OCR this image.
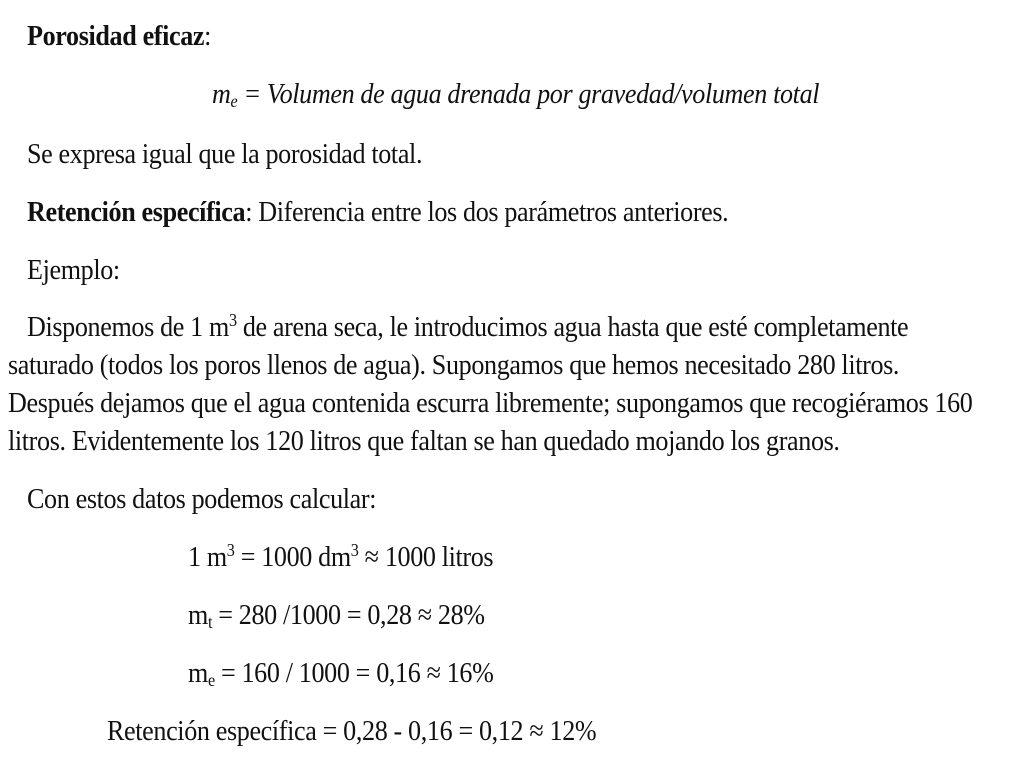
Porosidad eficaz:
$m_e$ = Volumen de agua drenada por gravedad/volumen total
Se expresa igual que la porosidad total.
Retención específica: Diferencia entre los dos parámetros anteriores.
Ejemplo:
Disponemos de 1 $m^3$ de arena seca, le introducimos agua hasta que esté completamente
saturado (todos los poros llenos de agua). Supongamos que hemos necesitado 280 litros.
Después dejamos que el agua contenida escurra libremente; supongamos que recogiéramos 160
litros. Evidentemente los 120 litros que faltan se han quedado mojando los granos.
Con estos datos podemos calcular:
1 $m^3 = 1000$ $dm^3 \approx 1000$ litros
$m_t = 280$ /1000 = 0,28 ≈ 28%
$m_e = 160 / 1000 = 0,16 \approx 16\%$
Retención específica = 0,28 - 0,16 = 0,12 ≈ 12%
